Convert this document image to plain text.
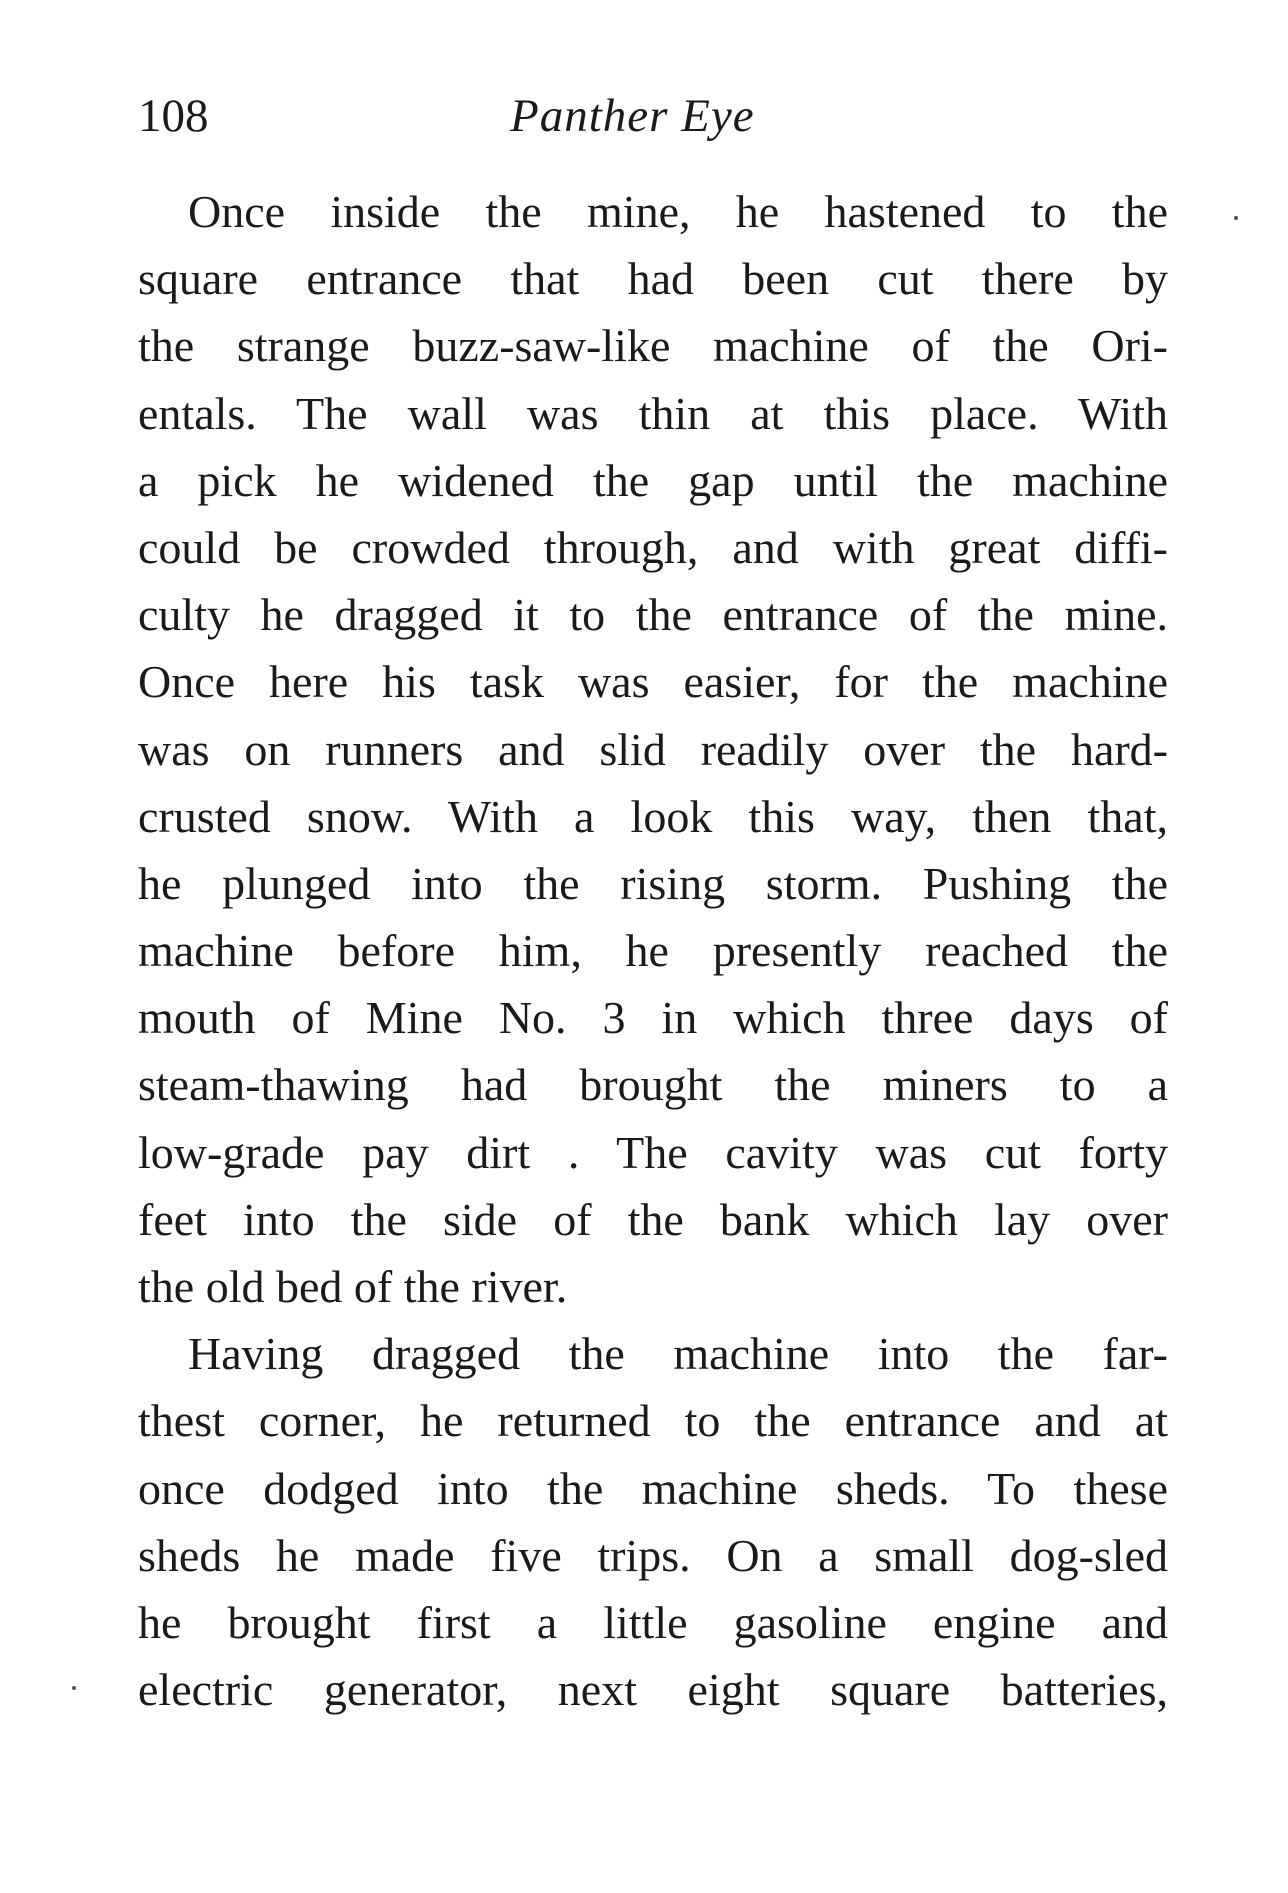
108	Panther Eye
Once inside the mine, he hastened to the
square entrance that had been cut there by
the strange buzz-saw-like machine of the Ori-
entals. The wall was thin at this place. With
a pick he widened the gap until the machine
could be crowded through, and with great diffi-
culty he dragged it to the entrance of the mine.
Once here his task was easier, for the machine
was on runners and slid readily over the hard-
crusted snow. With a look this way, then that,
he plunged into the rising storm. Pushing the
machine before him, he presently reached the
mouth of Mine No. 3 in which three days of
steam-thawing had brought the miners to a
low-grade pay dirt . The cavity was cut forty
feet into the side of the bank which lay over
the old bed of the river.
Having dragged the machine into the far-
thest corner, he returned to the entrance and at
once dodged into the machine sheds. To these
sheds he made five trips. On a small dog-sled
he brought first a little gasoline engine and
electric generator, next eight square batteries,
